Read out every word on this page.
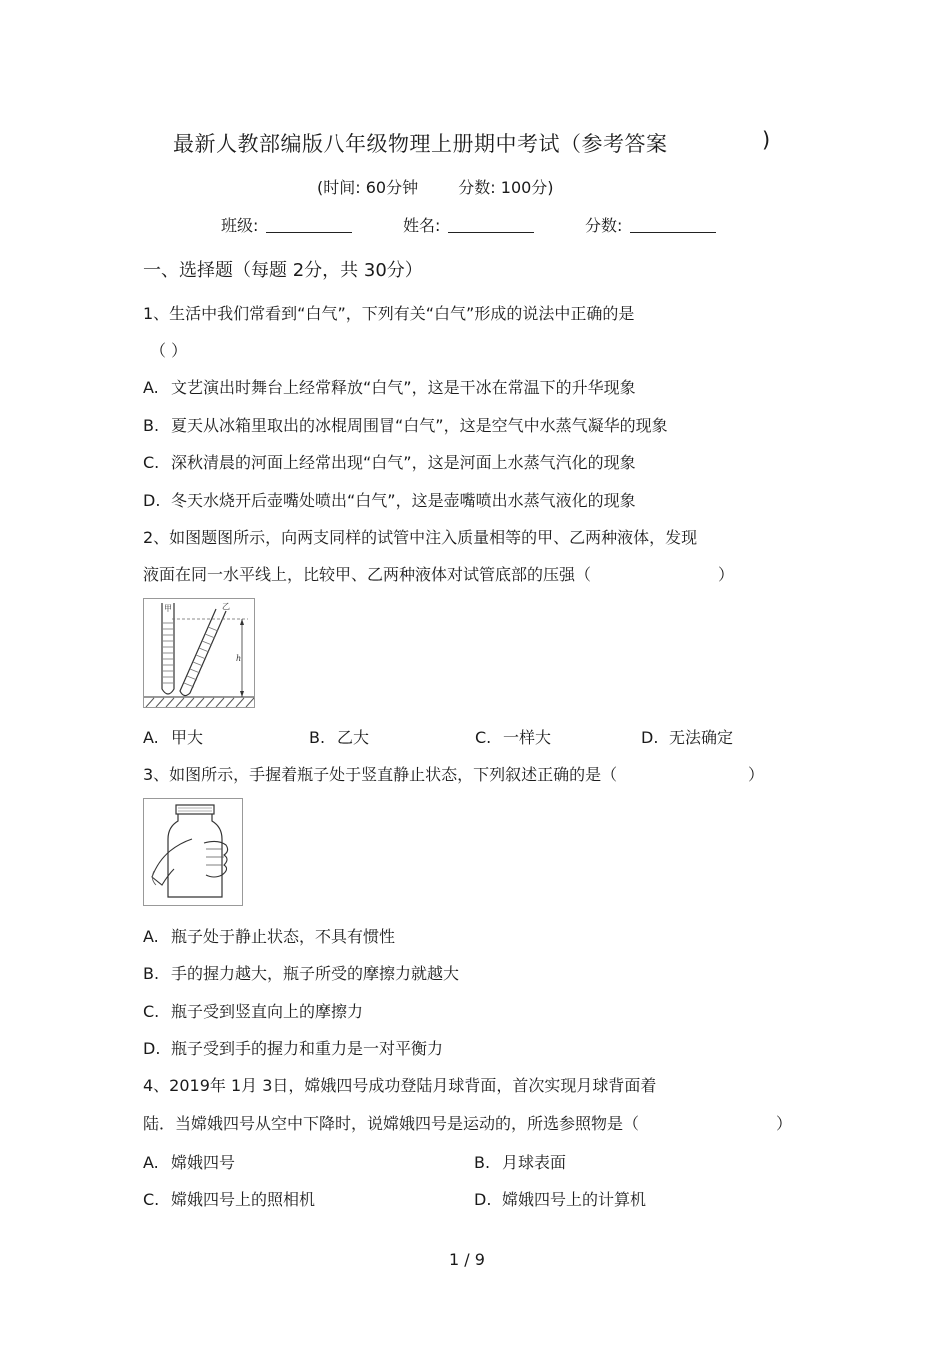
最新人教部编版八年级物理上册期中考试（参考答案	)
(时间: 60分钟	分数: 100分)
班级:	姓名:	分数:
一、选择题（每题 2分，共 30分）
1、生活中我们常看到“白气”，下列有关“白气”形成的说法中正确的是
（ ）
A. 文艺演出时舞台上经常释放“白气”，这是干冰在常温下的升华现象
B. 夏天从冰箱里取出的冰棍周围冒“白气”，这是空气中水蒸气凝华的现象
C. 深秋清晨的河面上经常出现“白气”，这是河面上水蒸气汽化的现象
D. 冬天水烧开后壶嘴处喷出“白气”，这是壶嘴喷出水蒸气液化的现象
2、如图题图所示，向两支同样的试管中注入质量相等的甲、乙两种液体，发现
液面在同一水平线上，比较甲、乙两种液体对试管底部的压强（	）
甲	乙
h
A. 甲大	B. 乙大	C. 一样大	D. 无法确定
3、如图所示，手握着瓶子处于竖直静止状态，下列叙述正确的是（	）
A. 瓶子处于静止状态，不具有惯性
B. 手的握力越大，瓶子所受的摩擦力就越大
C. 瓶子受到竖直向上的摩擦力
D. 瓶子受到手的握力和重力是一对平衡力
4、2019年 1月 3日，嫦娥四号成功登陆月球背面，首次实现月球背面着
陆．当嫦娥四号从空中下降时，说嫦娥四号是运动的，所选参照物是（	）
A. 嫦娥四号	B. 月球表面
C. 嫦娥四号上的照相机	D. 嫦娥四号上的计算机
1 / 9
